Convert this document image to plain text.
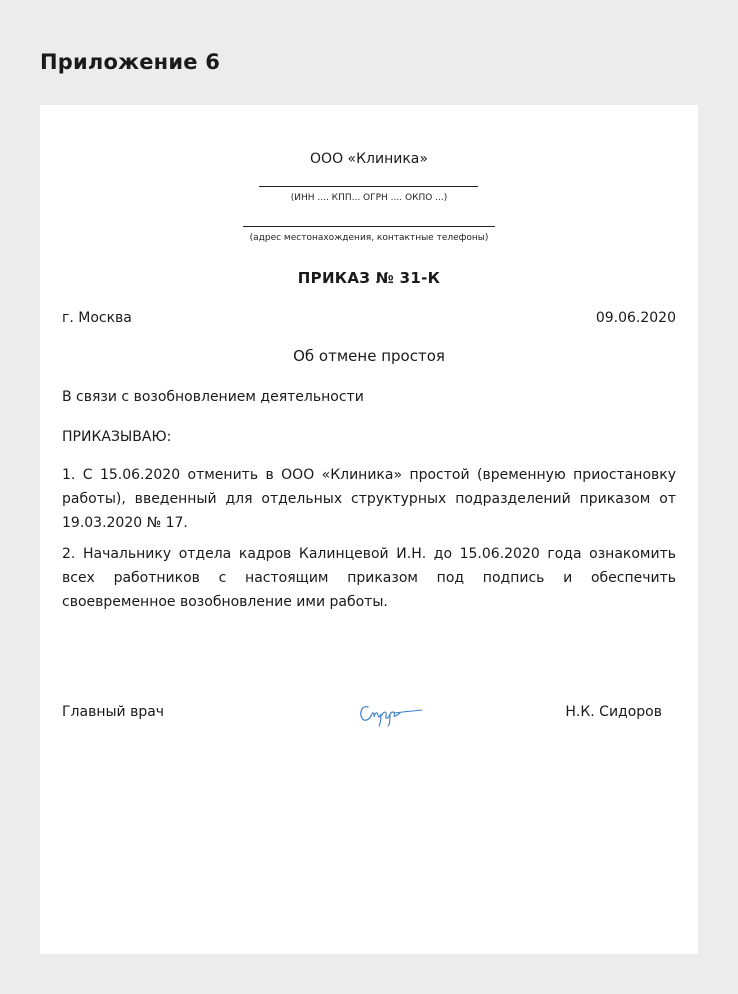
Приложение 6
ООО «Клиника»
(ИНН .... КПП... ОГРН .... ОКПО ...)
(адрес местонахождения, контактные телефоны)
ПРИКАЗ № 31-К
г. Москва	09.06.2020
Об отмене простоя
В связи с возобновлением деятельности
ПРИКАЗЫВАЮ:
1. С 15.06.2020 отменить в ООО «Клиника» простой (временную приостановку работы), введенный для отдельных структурных подразделений приказом от 19.03.2020 № 17.
2. Начальнику отдела кадров Калинцевой И.Н. до 15.06.2020 года ознакомить всех работников с настоящим приказом под подпись и обеспечить своевременное возобновление ими работы.
Главный врач	Н.К. Сидоров
